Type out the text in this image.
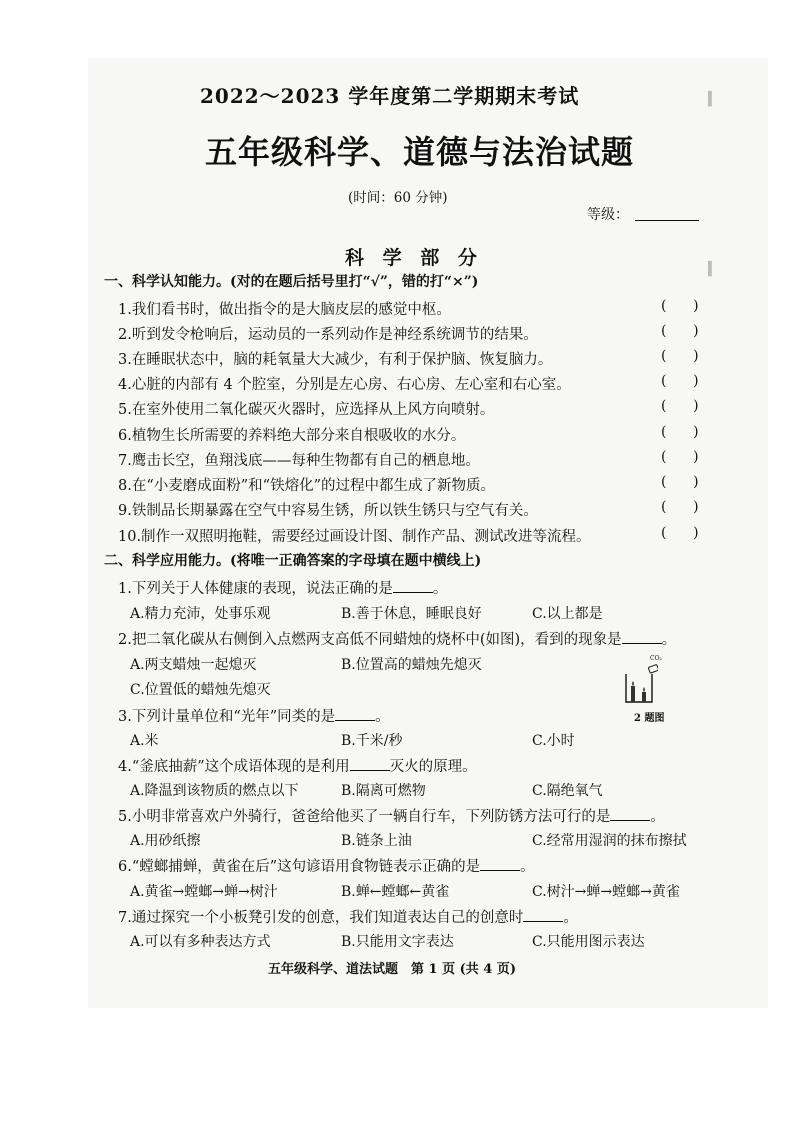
▍
▍
2022～2023 学年度第二学期期末考试
五年级科学、道德与法治试题
(时间：60 分钟)
等级：
科 学 部 分
一、科学认知能力。(对的在题后括号里打“√”，错的打“×”)
1.我们看书时，做出指令的是大脑皮层的感觉中枢。	(      )
2.听到发令枪响后，运动员的一系列动作是神经系统调节的结果。	(      )
3.在睡眠状态中，脑的耗氧量大大减少，有利于保护脑、恢复脑力。	(      )
4.心脏的内部有 4 个腔室，分别是左心房、右心房、左心室和右心室。	(      )
5.在室外使用二氧化碳灭火器时，应选择从上风方向喷射。	(      )
6.植物生长所需要的养料绝大部分来自根吸收的水分。	(      )
7.鹰击长空，鱼翔浅底——每种生物都有自己的栖息地。	(      )
8.在“小麦磨成面粉”和“铁熔化”的过程中都生成了新物质。	(      )
9.铁制品长期暴露在空气中容易生锈，所以铁生锈只与空气有关。	(      )
10.制作一双照明拖鞋，需要经过画设计图、制作产品、测试改进等流程。	(      )
二、科学应用能力。(将唯一正确答案的字母填在题中横线上)
1.下列关于人体健康的表现，说法正确的是	。
A.精力充沛，处事乐观	B.善于休息，睡眠良好	C.以上都是
2.把二氧化碳从右侧倒入点燃两支高低不同蜡烛的烧杯中(如图)，看到的现象是	。
A.两支蜡烛一起熄灭	B.位置高的蜡烛先熄灭
C.位置低的蜡烛先熄灭
CO₂
2 题图
3.下列计量单位和“光年”同类的是	。
A.米	B.千米/秒	C.小时
4.“釜底抽薪”这个成语体现的是利用	灭火的原理。
A.降温到该物质的燃点以下	B.隔离可燃物	C.隔绝氧气
5.小明非常喜欢户外骑行，爸爸给他买了一辆自行车，下列防锈方法可行的是	。
A.用砂纸擦	B.链条上油	C.经常用湿润的抹布擦拭
6.“螳螂捕蝉，黄雀在后”这句谚语用食物链表示正确的是	。
A.黄雀→螳螂→蝉→树汁	B.蝉←螳螂←黄雀	C.树汁→蝉→螳螂→黄雀
7.通过探究一个小板凳引发的创意，我们知道表达自己的创意时	。
A.可以有多种表达方式	B.只能用文字表达	C.只能用图示表达
五年级科学、道法试题　第 1 页 (共 4 页)
